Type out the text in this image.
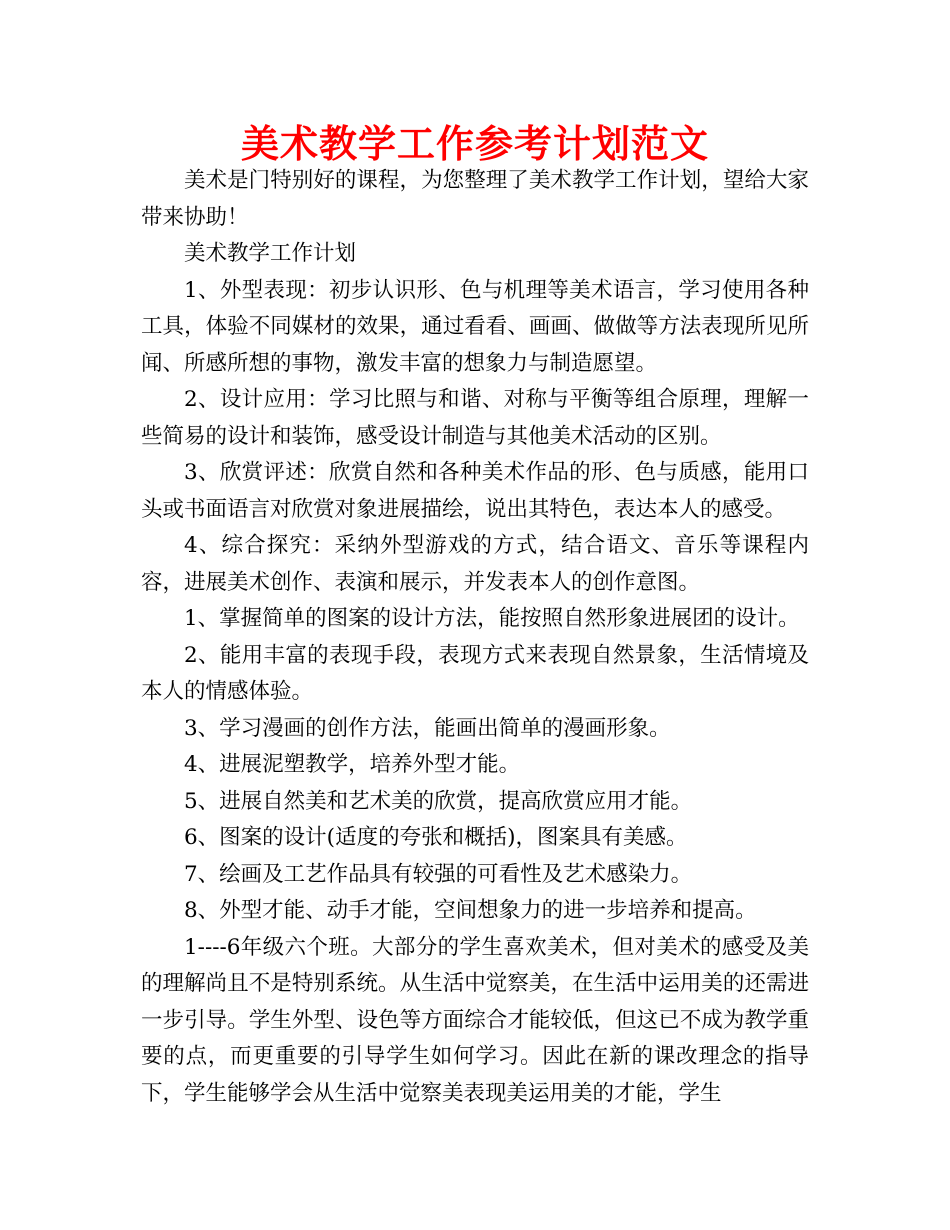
美术教学工作参考计划范文

美术是门特别好的课程，为您整理了美术教学工作计划，望给大家带来协助！

美术教学工作计划

1、外型表现：初步认识形、色与机理等美术语言，学习使用各种工具，体验不同媒材的效果，通过看看、画画、做做等方法表现所见所闻、所感所想的事物，激发丰富的想象力与制造愿望。

2、设计应用：学习比照与和谐、对称与平衡等组合原理，理解一些简易的设计和装饰，感受设计制造与其他美术活动的区别。

3、欣赏评述：欣赏自然和各种美术作品的形、色与质感，能用口头或书面语言对欣赏对象进展描绘，说出其特色，表达本人的感受。

4、综合探究：采纳外型游戏的方式，结合语文、音乐等课程内容，进展美术创作、表演和展示，并发表本人的创作意图。

1、掌握简单的图案的设计方法，能按照自然形象进展团的设计。

2、能用丰富的表现手段，表现方式来表现自然景象，生活情境及本人的情感体验。

3、学习漫画的创作方法，能画出简单的漫画形象。

4、进展泥塑教学，培养外型才能。

5、进展自然美和艺术美的欣赏，提高欣赏应用才能。

6、图案的设计(适度的夸张和概括)，图案具有美感。

7、绘画及工艺作品具有较强的可看性及艺术感染力。

8、外型才能、动手才能，空间想象力的进一步培养和提高。

1----6年级六个班。大部分的学生喜欢美术，但对美术的感受及美的理解尚且不是特别系统。从生活中觉察美，在生活中运用美的还需进一步引导。学生外型、设色等方面综合才能较低，但这已不成为教学重要的点，而更重要的引导学生如何学习。因此在新的课改理念的指导下，学生能够学会从生活中觉察美表现美运用美的才能，学生
